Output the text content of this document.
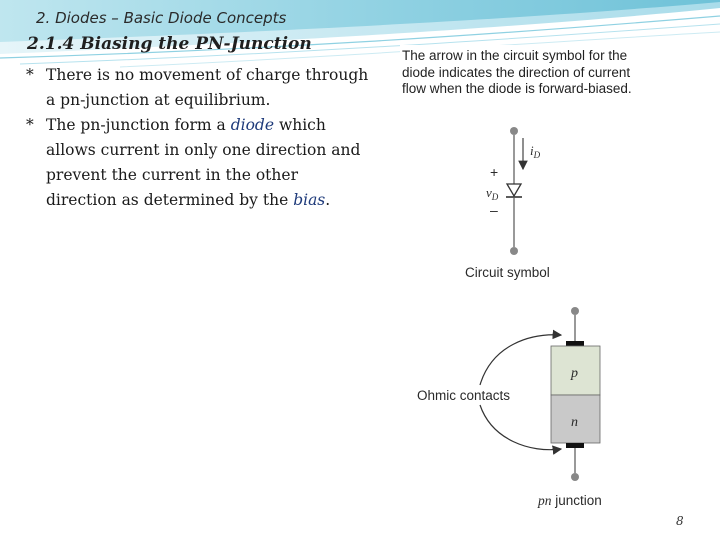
2. Diodes – Basic Diode Concepts
2.1.4 Biasing the PN-Junction

* There is no movement of charge through a pn-junction at equilibrium.

* The pn-junction form a diode which allows current in only one direction and prevent the current in the other direction as determined by the bias.

The arrow in the circuit symbol for the diode indicates the direction of current flow when the diode is forward-biased.
$i_D$
+
$v_D$
–
Circuit symbol
p
n
Ohmic contacts
pn junction
8
